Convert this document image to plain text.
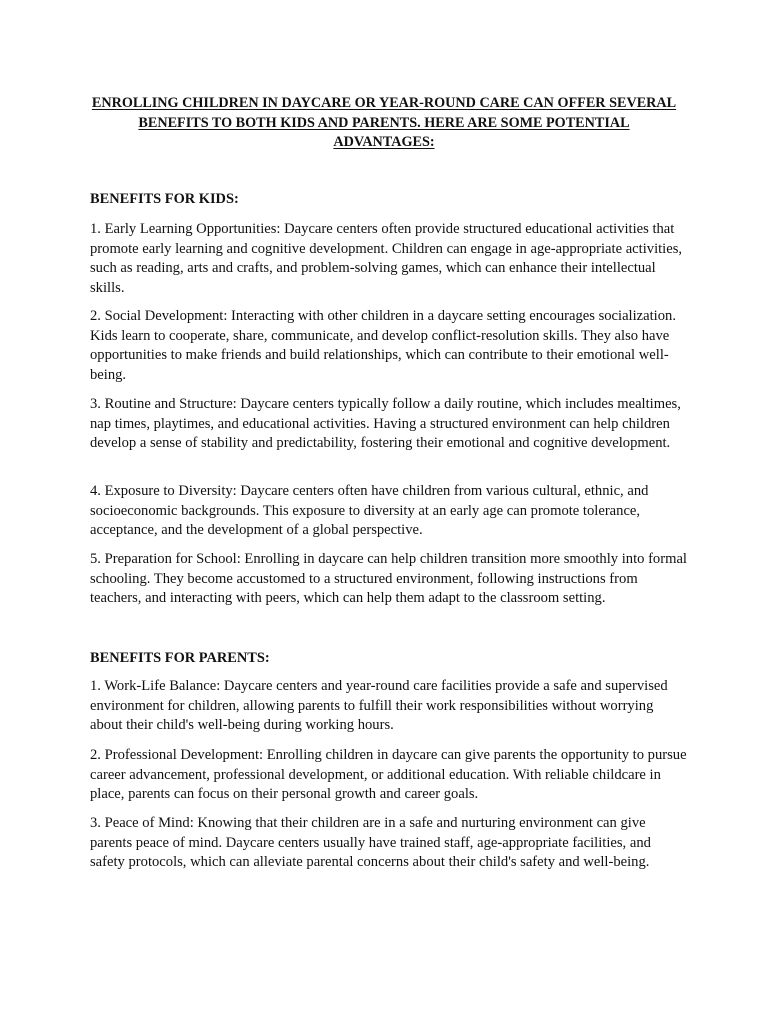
ENROLLING CHILDREN IN DAYCARE OR YEAR-ROUND CARE CAN OFFER SEVERAL BENEFITS TO BOTH KIDS AND PARENTS. HERE ARE SOME POTENTIAL ADVANTAGES:
BENEFITS FOR KIDS:

1. Early Learning Opportunities: Daycare centers often provide structured educational activities that promote early learning and cognitive development. Children can engage in age-appropriate activities, such as reading, arts and crafts, and problem-solving games, which can enhance their intellectual skills.

2. Social Development: Interacting with other children in a daycare setting encourages socialization. Kids learn to cooperate, share, communicate, and develop conflict-resolution skills. They also have opportunities to make friends and build relationships, which can contribute to their emotional well-being.

3. Routine and Structure: Daycare centers typically follow a daily routine, which includes mealtimes, nap times, playtimes, and educational activities. Having a structured environment can help children develop a sense of stability and predictability, fostering their emotional and cognitive development.

4. Exposure to Diversity: Daycare centers often have children from various cultural, ethnic, and socioeconomic backgrounds. This exposure to diversity at an early age can promote tolerance, acceptance, and the development of a global perspective.

5. Preparation for School: Enrolling in daycare can help children transition more smoothly into formal schooling. They become accustomed to a structured environment, following instructions from teachers, and interacting with peers, which can help them adapt to the classroom setting.

BENEFITS FOR PARENTS:

1. Work-Life Balance: Daycare centers and year-round care facilities provide a safe and supervised environment for children, allowing parents to fulfill their work responsibilities without worrying about their child's well-being during working hours.

2. Professional Development: Enrolling children in daycare can give parents the opportunity to pursue career advancement, professional development, or additional education. With reliable childcare in place, parents can focus on their personal growth and career goals.

3. Peace of Mind: Knowing that their children are in a safe and nurturing environment can give parents peace of mind. Daycare centers usually have trained staff, age-appropriate facilities, and safety protocols, which can alleviate parental concerns about their child's safety and well-being.
